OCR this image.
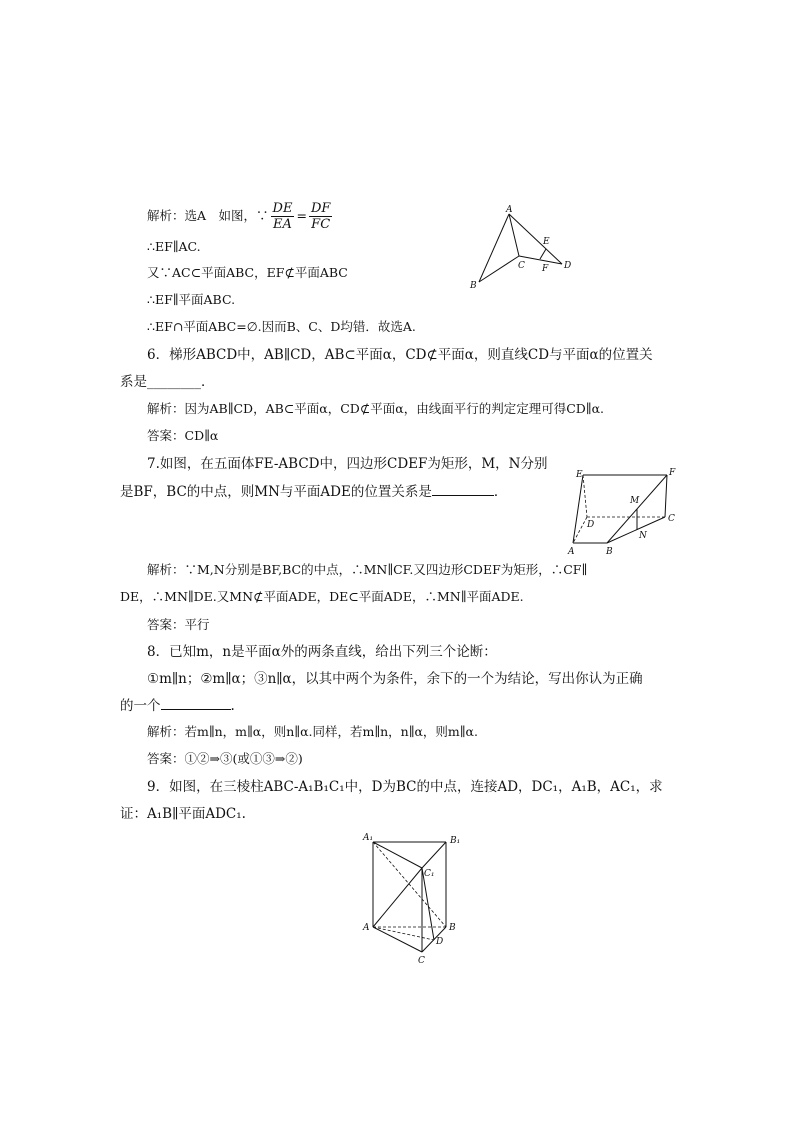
解析：选A　如图，∵ $\frac{DE}{EA} = \frac{DF}{FC}$
∴EF∥AC.
又∵AC⊂平面ABC，EF⊄平面ABC
∴EF∥平面ABC.
∴EF∩平面ABC=∅.因而B、C、D均错．故选A.
A
B
C	D
E
F
6．梯形ABCD中，AB∥CD，AB⊂平面α，CD⊄平面α，则直线CD与平面α的位置关
系是________．
解析：因为AB∥CD，AB⊂平面α，CD⊄平面α，由线面平行的判定定理可得CD∥α.
答案：CD∥α
7.如图，在五面体FE-ABCD中，四边形CDEF为矩形，M，N分别
是BF，BC的中点，则MN与平面ADE的位置关系是	．
E	F
M
D
C
N
A	B
解析：∵M,N分别是BF,BC的中点，∴MN∥CF.又四边形CDEF为矩形，∴CF∥
DE，∴MN∥DE.又MN⊄平面ADE，DE⊂平面ADE，∴MN∥平面ADE.
答案：平行
8．已知m，n是平面α外的两条直线，给出下列三个论断：
①m∥n；②m∥α；③n∥α，以其中两个为条件，余下的一个为结论，写出你认为正确
的一个	.
解析：若m∥n，m∥α，则n∥α.同样，若m∥n，n∥α，则m∥α.
答案：①②⇒③(或①③⇒②)
9．如图，在三棱柱ABC-A₁B₁C₁中，D为BC的中点，连接AD，DC₁，A₁B，AC₁，求
证：A₁B∥平面ADC₁.
A₁	B₁
C₁
A	B
D
C
